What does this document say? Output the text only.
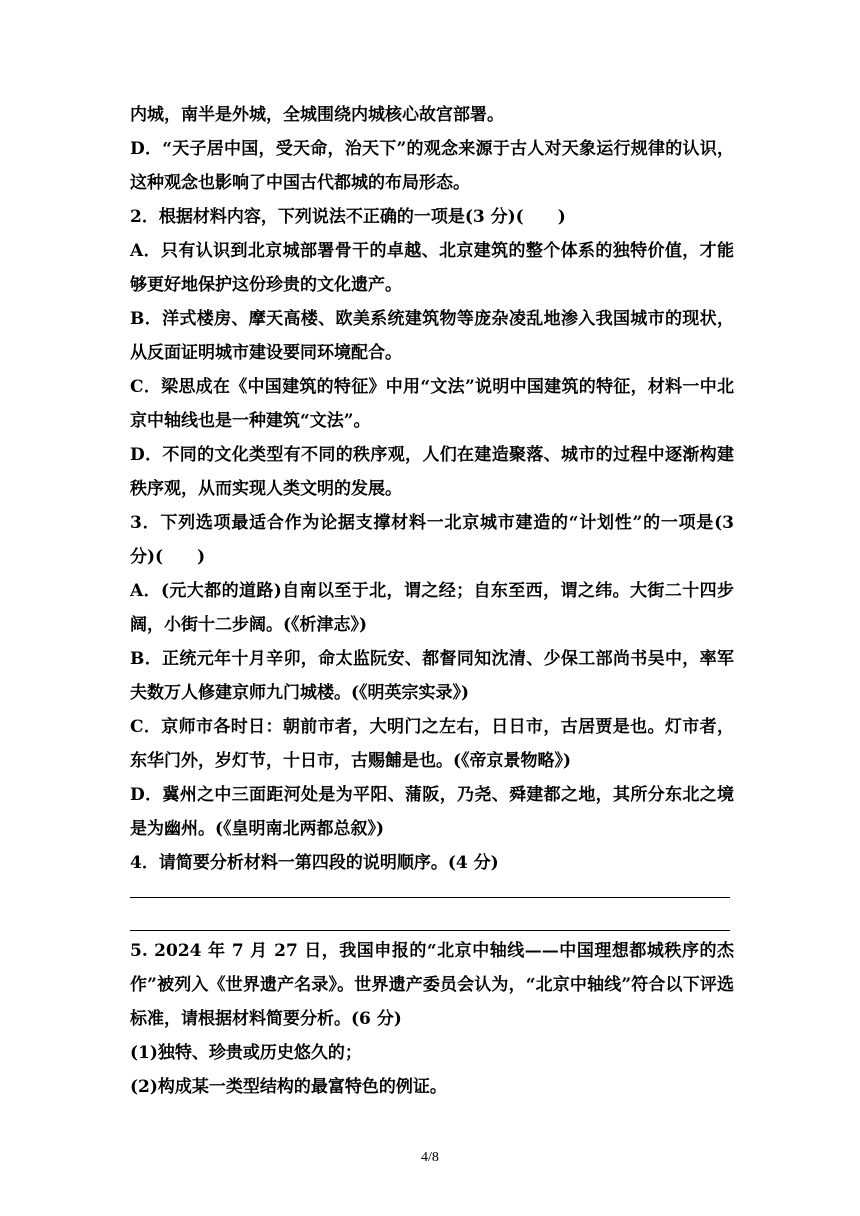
内城，南半是外城，全城围绕内城核心故宫部署。

D．“天子居中国，受天命，治天下”的观念来源于古人对天象运行规律的认识，这种观念也影响了中国古代都城的布局形态。

2．根据材料内容，下列说法不正确的一项是(3 分)(　　)

A．只有认识到北京城部署骨干的卓越、北京建筑的整个体系的独特价值，才能够更好地保护这份珍贵的文化遗产。

B．洋式楼房、摩天高楼、欧美系统建筑物等庞杂凌乱地渗入我国城市的现状，从反面证明城市建设要同环境配合。

C．梁思成在《中国建筑的特征》中用“文法”说明中国建筑的特征，材料一中北京中轴线也是一种建筑“文法”。

D．不同的文化类型有不同的秩序观，人们在建造聚落、城市的过程中逐渐构建秩序观，从而实现人类文明的发展。

3．下列选项最适合作为论据支撑材料一北京城市建造的“计划性”的一项是(3 分)(　　)

A．(元大都的道路)自南以至于北，谓之经；自东至西，谓之纬。大街二十四步阔，小街十二步阔。(《析津志》)

B．正统元年十月辛卯，命太监阮安、都督同知沈清、少保工部尚书吴中，率军夫数万人修建京师九门城楼。(《明英宗实录》)

C．京师市各时日：朝前市者，大明门之左右，日日市，古居贾是也。灯市者，东华门外，岁灯节，十日市，古赐餔是也。(《帝京景物略》)

D．冀州之中三面距河处是为平阳、蒲阪，乃尧、舜建都之地，其所分东北之境是为幽州。(《皇明南北两都总叙》)

4．请简要分析材料一第四段的说明顺序。(4 分)

5. 2024 年 7 月 27 日，我国申报的“北京中轴线——中国理想都城秩序的杰作”被列入《世界遗产名录》。世界遗产委员会认为，“北京中轴线”符合以下评选标准，请根据材料简要分析。(6 分)

(1)独特、珍贵或历史悠久的；

(2)构成某一类型结构的最富特色的例证。

4/8
